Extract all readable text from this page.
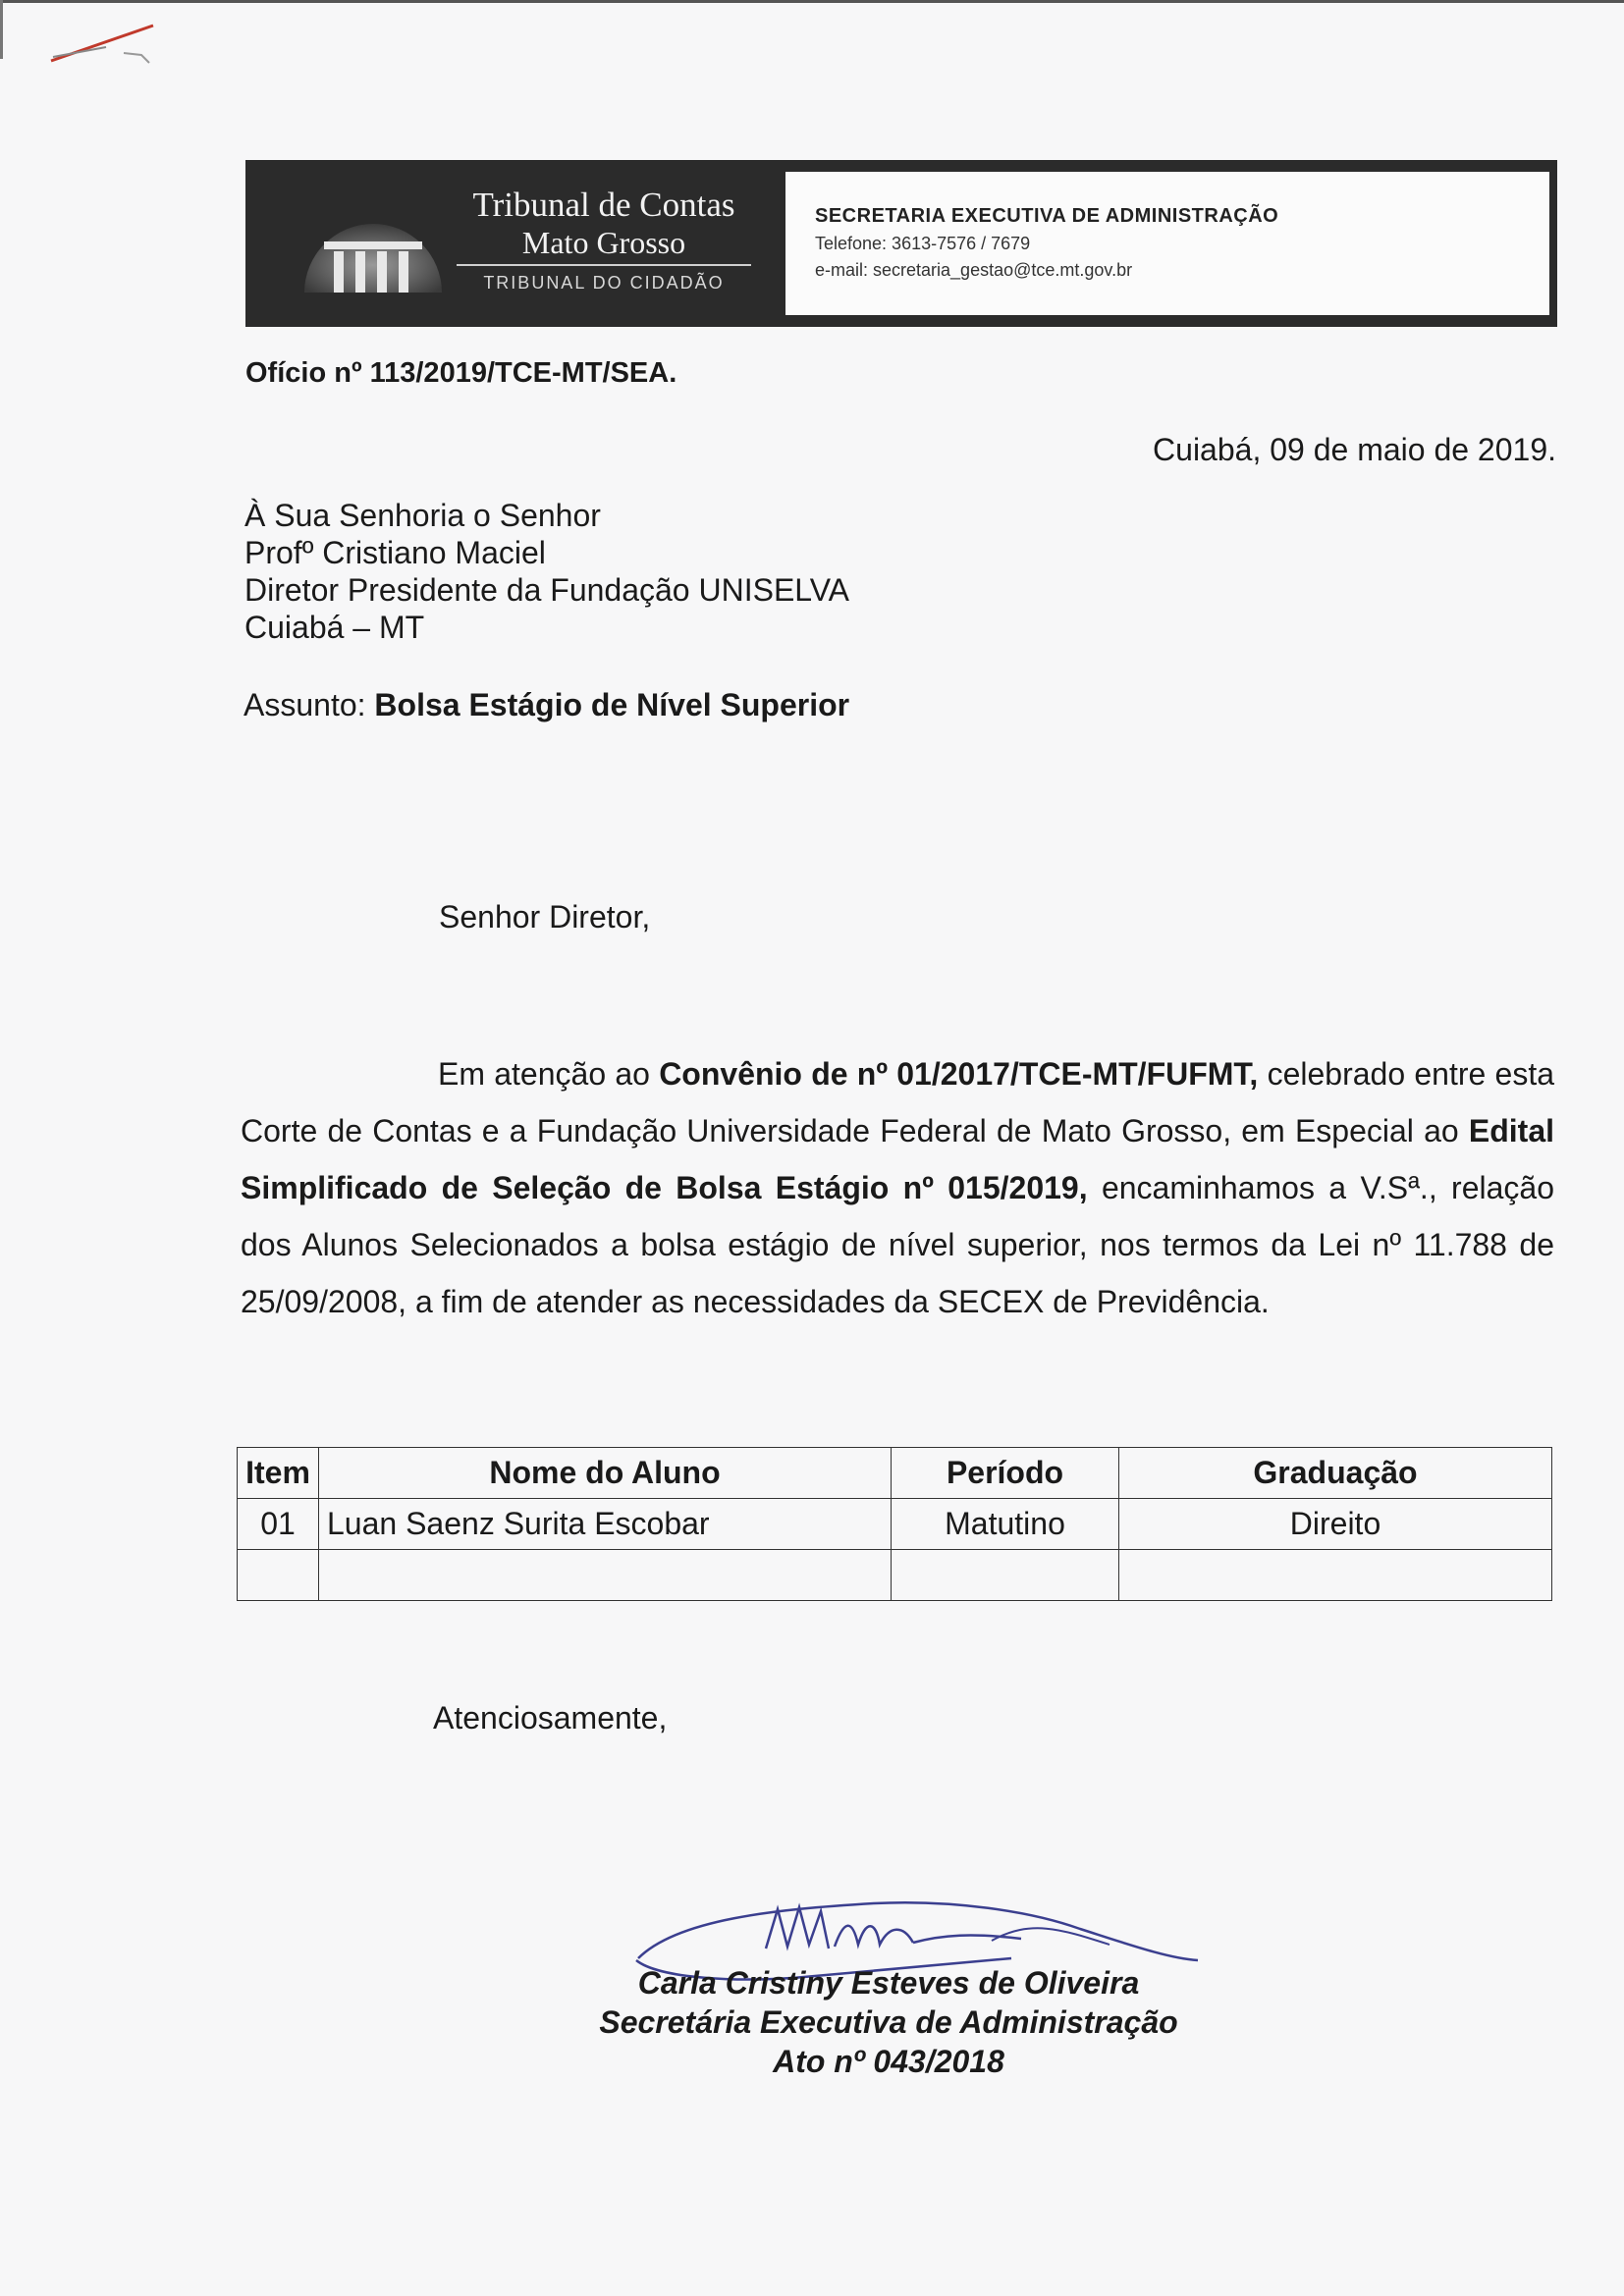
Tribunal de Contas
Mato Grosso
TRIBUNAL DO CIDADÃO
SECRETARIA EXECUTIVA DE ADMINISTRAÇÃO
Telefone: 3613-7576 / 7679
e-mail: secretaria_gestao@tce.mt.gov.br
Ofício nº 113/2019/TCE-MT/SEA.
Cuiabá, 09 de maio de 2019.
À Sua Senhoria o Senhor
Profº Cristiano Maciel
Diretor Presidente da Fundação UNISELVA
Cuiabá – MT
Assunto: Bolsa Estágio de Nível Superior
Senhor Diretor,
Em atenção ao Convênio de nº 01/2017/TCE-MT/FUFMT, celebrado entre esta Corte de Contas e a Fundação Universidade Federal de Mato Grosso, em Especial ao Edital Simplificado de Seleção de Bolsa Estágio nº 015/2019, encaminhamos a V.Sª., relação dos Alunos Selecionados a bolsa estágio de nível superior, nos termos da Lei nº 11.788 de 25/09/2008, a fim de atender as necessidades da SECEX de Previdência.
Item	Nome do Aluno	Período	Graduação
01	Luan Saenz Surita Escobar	Matutino	Direito

Atenciosamente,
Carla Cristiny Esteves de Oliveira
Secretária Executiva de Administração
Ato nº 043/2018
